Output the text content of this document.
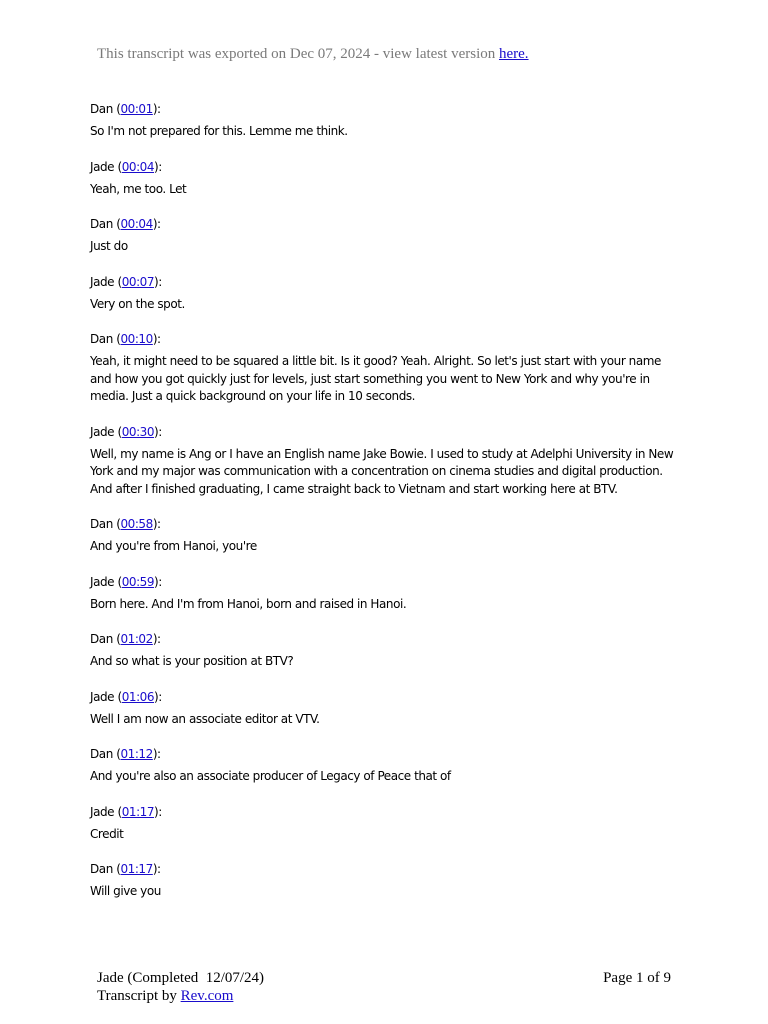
This transcript was exported on Dec 07, 2024 - view latest version here.
Dan (00:01):

So I'm not prepared for this. Lemme me think.

Jade (00:04):

Yeah, me too. Let

Dan (00:04):

Just do

Jade (00:07):

Very on the spot.

Dan (00:10):

Yeah, it might need to be squared a little bit. Is it good? Yeah. Alright. So let's just start with your name and how you got quickly just for levels, just start something you went to New York and why you're in media. Just a quick background on your life in 10 seconds.

Jade (00:30):

Well, my name is Ang or I have an English name Jake Bowie. I used to study at Adelphi University in New York and my major was communication with a concentration on cinema studies and digital production. And after I finished graduating, I came straight back to Vietnam and start working here at BTV.

Dan (00:58):

And you're from Hanoi, you're

Jade (00:59):

Born here. And I'm from Hanoi, born and raised in Hanoi.

Dan (01:02):

And so what is your position at BTV?

Jade (01:06):

Well I am now an associate editor at VTV.

Dan (01:12):

And you're also an associate producer of Legacy of Peace that of

Jade (01:17):

Credit

Dan (01:17):

Will give you

Jade (Completed  12/07/24)
Transcript by Rev.com
Page 1 of 9
